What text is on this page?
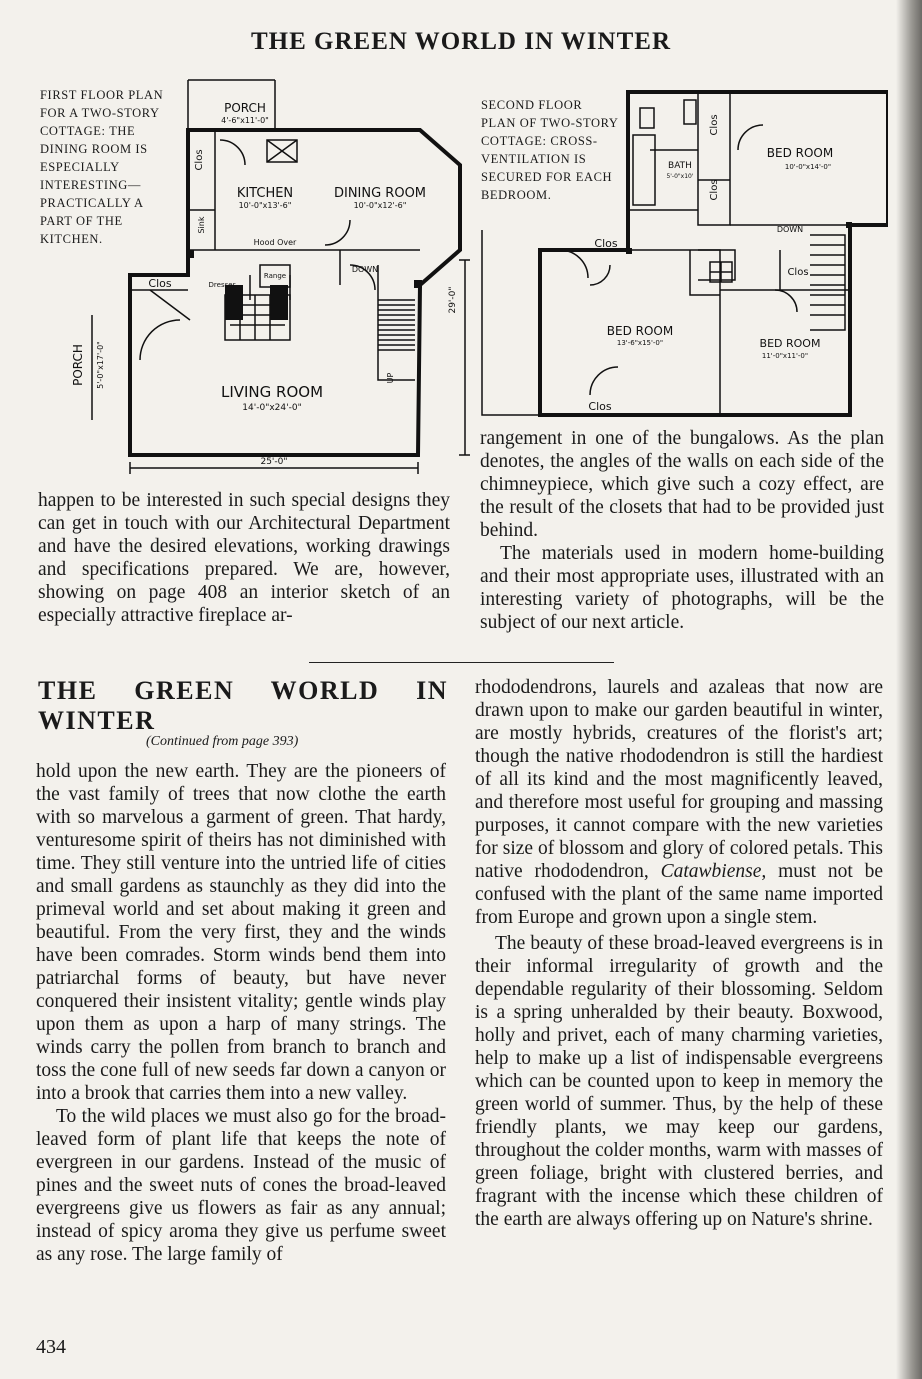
THE GREEN WORLD IN WINTER
FIRST FLOOR PLAN FOR A TWO-STORY COTTAGE: THE DINING ROOM IS ESPECIALLY INTERESTING— PRACTICALLY A PART OF THE KITCHEN.
SECOND FLOOR PLAN OF TWO-STORY COTTAGE: CROSS-VENTILATION IS SECURED FOR EACH BEDROOM.
PORCH
4'-6"x11'-0"
Clos
KITCHEN
10'-0"x13'-6"
DINING ROOM
10'-0"x12'-6"
Sink
Hood Over
Range
Dresser
DOWN
UP
Clos
PORCH 5'-0"x17'-0"
LIVING ROOM
14'-0"x24'-0"
25'-0"
29'-0"
Clos
Clos
BATH
5'-0"x10'
BED ROOM
10'-0"x14'-0"
DOWN
Clos
Clos
BED ROOM
13'-6"x15'-0"	BED ROOM
11'-0"x11'-0"
Clos

happen to be interested in such special designs they can get in touch with our Architectural Department and have the desired elevations, working drawings and specifications prepared. We are, however, showing on page 408 an interior sketch of an especially attractive fireplace ar-

rangement in one of the bungalows. As the plan denotes, the angles of the walls on each side of the chimneypiece, which give such a cozy effect, are the result of the closets that had to be provided just behind.

The materials used in modern home-building and their most appropriate uses, illustrated with an interesting variety of photographs, will be the subject of our next article.

THE GREEN WORLD IN
WINTER
(Continued from page 393)

hold upon the new earth. They are the pioneers of the vast family of trees that now clothe the earth with so marvelous a garment of green. That hardy, venturesome spirit of theirs has not diminished with time. They still venture into the untried life of cities and small gardens as staunchly as they did into the primeval world and set about making it green and beautiful. From the very first, they and the winds have been comrades. Storm winds bend them into patriarchal forms of beauty, but have never conquered their insistent vitality; gentle winds play upon them as upon a harp of many strings. The winds carry the pollen from branch to branch and toss the cone full of new seeds far down a canyon or into a brook that carries them into a new valley.

To the wild places we must also go for the broad-leaved form of plant life that keeps the note of evergreen in our gardens. Instead of the music of pines and the sweet nuts of cones the broad-leaved evergreens give us flowers as fair as any annual; instead of spicy aroma they give us perfume sweet as any rose. The large family of

rhododendrons, laurels and azaleas that now are drawn upon to make our garden beautiful in winter, are mostly hybrids, creatures of the florist's art; though the native rhododendron is still the hardiest of all its kind and the most magnificently leaved, and therefore most useful for grouping and massing purposes, it cannot compare with the new varieties for size of blossom and glory of colored petals. This native rhododendron, Catawbiense, must not be confused with the plant of the same name imported from Europe and grown upon a single stem.

The beauty of these broad-leaved evergreens is in their informal irregularity of growth and the dependable regularity of their blossoming. Seldom is a spring unheralded by their beauty. Boxwood, holly and privet, each of many charming varieties, help to make up a list of indispensable evergreens which can be counted upon to keep in memory the green world of summer. Thus, by the help of these friendly plants, we may keep our gardens, throughout the colder months, warm with masses of green foliage, bright with clustered berries, and fragrant with the incense which these children of the earth are always offering up on Nature's shrine.

434
